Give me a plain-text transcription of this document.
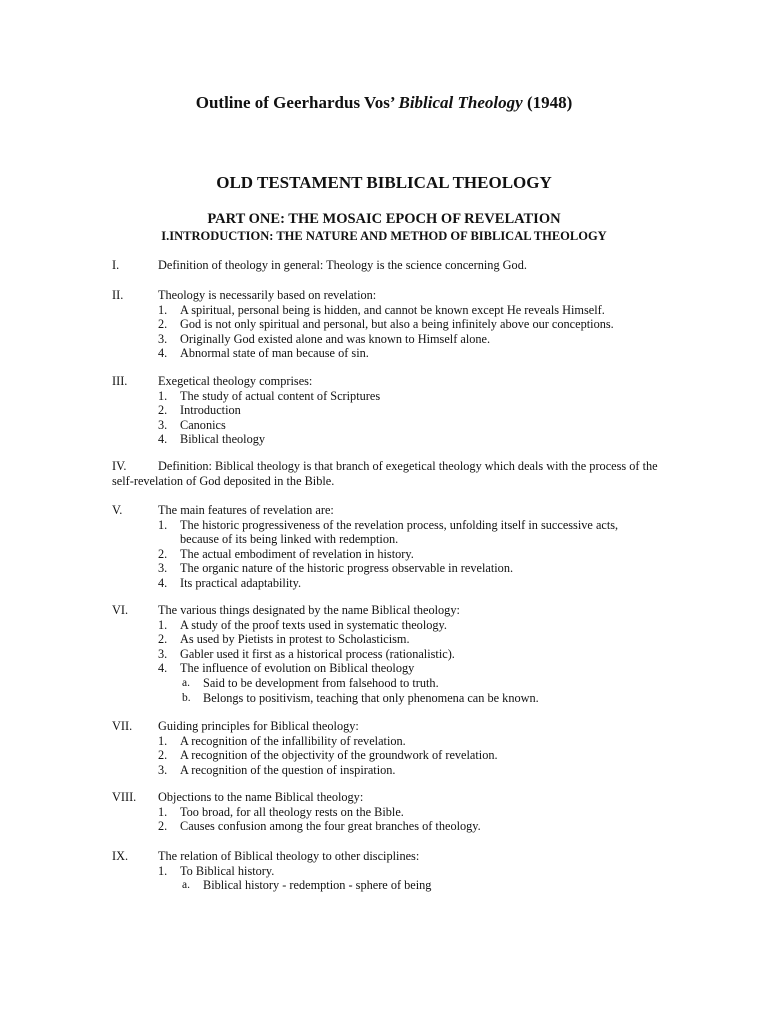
Outline of Geerhardus Vos’ Biblical Theology (1948)
OLD TESTAMENT BIBLICAL THEOLOGY
PART ONE: THE MOSAIC EPOCH OF REVELATION
I.INTRODUCTION: THE NATURE AND METHOD OF BIBLICAL THEOLOGY
I.	Definition of theology in general: Theology is the science concerning God.
II.	Theology is necessarily based on revelation:
1. A spiritual, personal being is hidden, and cannot be known except He reveals Himself.
2. God is not only spiritual and personal, but also a being infinitely above our conceptions.
3. Originally God existed alone and was known to Himself alone.
4. Abnormal state of man because of sin.
III. Exegetical theology comprises:
1. The study of actual content of Scriptures
2. Introduction
3. Canonics
4. Biblical theology
IV.	Definition: Biblical theology is that branch of exegetical theology which deals with the process of the self-revelation of God deposited in the Bible.
V.	The main features of revelation are:
1. The historic progressiveness of the revelation process, unfolding itself in successive acts, because of its being linked with redemption.
2. The actual embodiment of revelation in history.
3. The organic nature of the historic progress observable in revelation.
4. Its practical adaptability.
VI. The various things designated by the name Biblical theology:
1. A study of the proof texts used in systematic theology.
2. As used by Pietists in protest to Scholasticism.
3. Gabler used it first as a historical process (rationalistic).
4. The influence of evolution on Biblical theology
a. Said to be development from falsehood to truth.
b. Belongs to positivism, teaching that only phenomena can be known.
VII. Guiding principles for Biblical theology:
1. A recognition of the infallibility of revelation.
2. A recognition of the objectivity of the groundwork of revelation.
3. A recognition of the question of inspiration.
VIII. Objections to the name Biblical theology:
1. Too broad, for all theology rests on the Bible.
2. Causes confusion among the four great branches of theology.
IX. The relation of Biblical theology to other disciplines:
1. To Biblical history.
a. Biblical history - redemption - sphere of being
